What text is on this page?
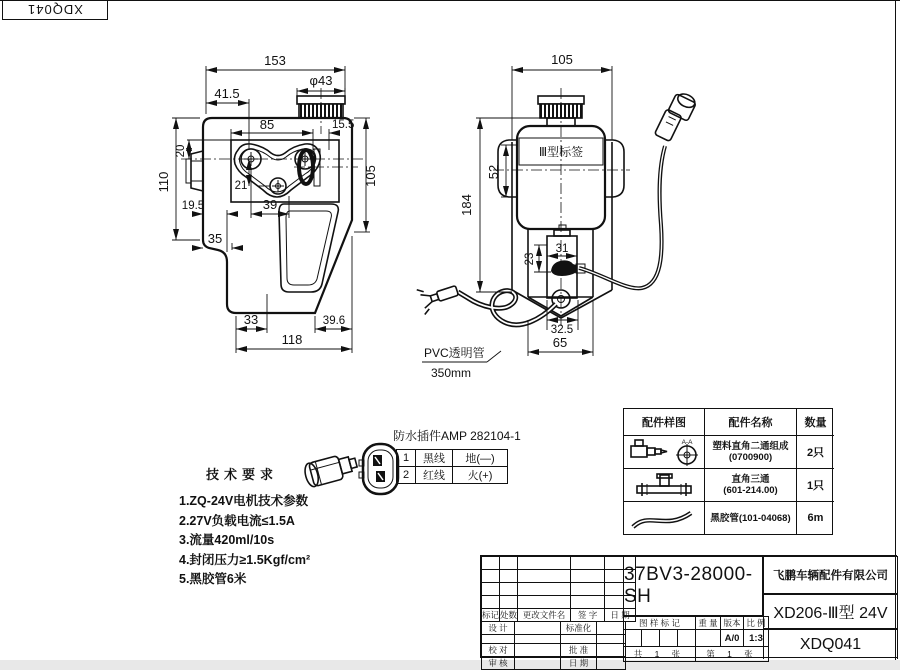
XDQ041
153
41.5
φ43
85	15.5
110
20
19.5	39
21
35
33	39.6
118
105
Ⅲ型标签
PVC透明管
350mm
105
52
184
31
23
32.5
65
技术要求
1.ZQ-24V电机技术参数
2.27V负载电流≤1.5A
3.流量420ml/10s
4.封闭压力≥1.5Kgf/cm²
5.黑胶管6米
防水插件AMP 282104-1
1	黑线	地(—)
2	红线	火(+)
配件样图	配件名称	数量
A-A	塑料直角二通组成(0700900)	2只
直角三通
(601-214.00)	1只
黑胶管(101-04068)	6m

标记	处数	更改文件名	签 字	日 期
设 计		标准化	

校 对		批 准	
审 核		日 期	
37BV3-28000-SH
图 样 标 记				重 量	版本	比 例
					A/0	1:3
共 1 张				第 1 张		
飞鹏车辆配件有限公司
XD206-Ⅲ型 24V
XDQ041
